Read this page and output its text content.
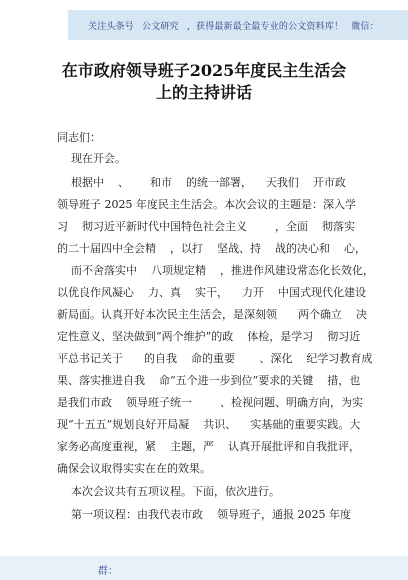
关注头条号 公文研究 ，获得最新最全最专业的公文资料库！ 微信：
在市政府领导班子2025年度民主生活会
上的主持讲话
同志们：
现在开会。
根据中    、      和市    的统一部署，    天我们    开市政
领导班子 2025 年度民主生活会。本次会议的主题是：深入学
习    彻习近平新时代中国特色社会主义        ，全面    彻落实
的二十届四中全会精    ，以打    坚战、持    战的决心和    心，
而不舍落实中    八项规定精    ，推进作风建设常态化长效化，
以优良作风凝心    力、真    实干，    力开    中国式现代化建设
新局面。认真开好本次民主生活会，是深刻领      两个确立    决
定性意义、坚决做到“两个维护”的政    体检，是学习    彻习近
平总书记关于      的自我    命的重要       、深化    纪学习教育成
果、落实推进自我    命“五个进一步到位”要求的关键    措，也
是我们市政    领导班子统一        、检视问题、明确方向，为实
现“十五五”规划良好开局凝    共识、    实基础的重要实践。大
家务必高度重视，紧    主题，严    认真开展批评和自我批评，
确保会议取得实实在在的效果。
本次会议共有五项议程。下面，依次进行。
第一项议程：由我代表市政    领导班子，通报 2025 年度
群：
